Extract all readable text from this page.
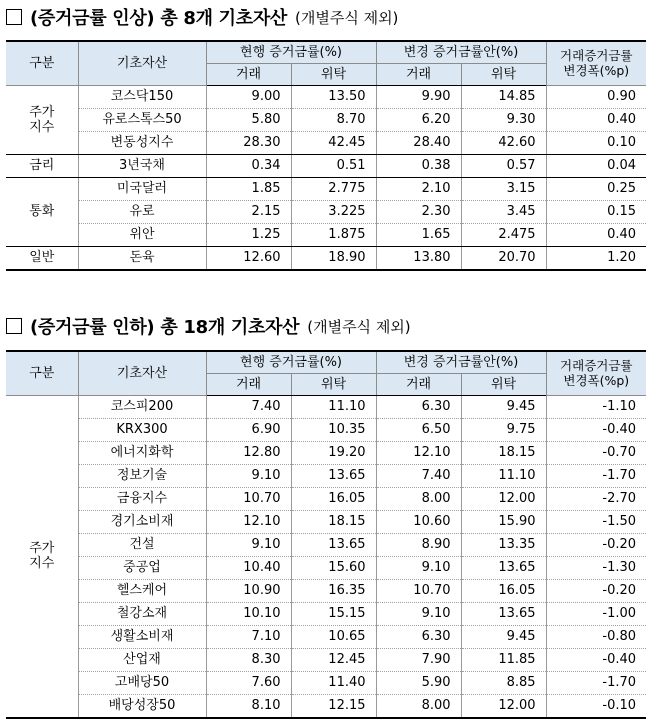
(증거금률 인상) 총 8개 기초자산 (개별주식 제외)
구분	기초자산	현행 증거금률(%)		변경 증거금률안(%)		거래증거금률
변경폭(%p)
		거래	위탁	거래	위탁	
주가
지수	코스닥150	9.00	13.50	9.90	14.85	0.90
	유로스톡스50	5.80	8.70	6.20	9.30	0.40
	변동성지수	28.30	42.45	28.40	42.60	0.10
금리	3년국채	0.34	0.51	0.38	0.57	0.04
통화	미국달러	1.85	2.775	2.10	3.15	0.25
	유로	2.15	3.225	2.30	3.45	0.15
	위안	1.25	1.875	1.65	2.475	0.40
일반	돈육	12.60	18.90	13.80	20.70	1.20
(증거금률 인하) 총 18개 기초자산 (개별주식 제외)
구분	기초자산	현행 증거금률(%)		변경 증거금률안(%)		거래증거금률
변경폭(%p)
		거래	위탁	거래	위탁	
주가
지수	코스피200	7.40	11.10	6.30	9.45	-1.10
	KRX300	6.90	10.35	6.50	9.75	-0.40
	에너지화학	12.80	19.20	12.10	18.15	-0.70
	정보기술	9.10	13.65	7.40	11.10	-1.70
	금융지수	10.70	16.05	8.00	12.00	-2.70
	경기소비재	12.10	18.15	10.60	15.90	-1.50
	건설	9.10	13.65	8.90	13.35	-0.20
	중공업	10.40	15.60	9.10	13.65	-1.30
	헬스케어	10.90	16.35	10.70	16.05	-0.20
	철강소재	10.10	15.15	9.10	13.65	-1.00
	생활소비재	7.10	10.65	6.30	9.45	-0.80
	산업재	8.30	12.45	7.90	11.85	-0.40
	고배당50	7.60	11.40	5.90	8.85	-1.70
	배당성장50	8.10	12.15	8.00	12.00	-0.10
